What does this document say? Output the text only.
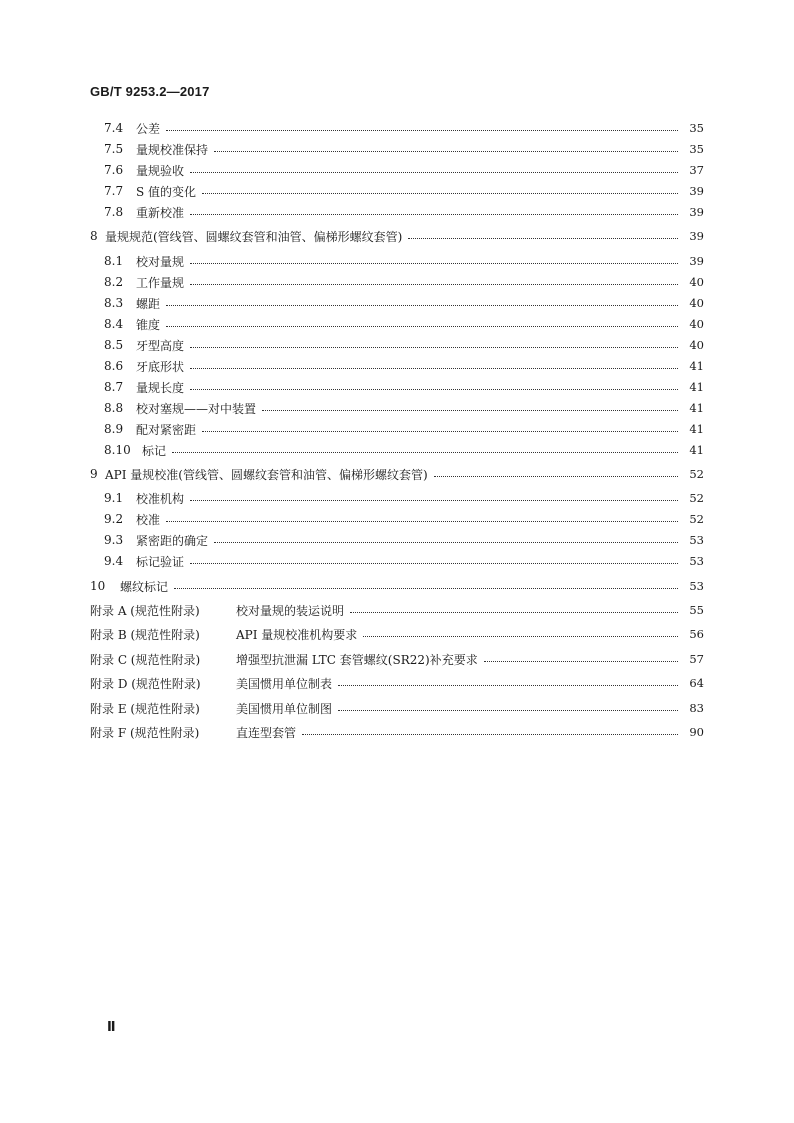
GB/T 9253.2—2017
7.4	公差	35
7.5	量规校准保持	35
7.6	量规验收	37
7.7	S 值的变化	39
7.8	重新校准	39
8 量规规范(管线管、圆螺纹套管和油管、偏梯形螺纹套管)	39
8.1	校对量规	39
8.2	工作量规	40
8.3	螺距	40
8.4	锥度	40
8.5	牙型高度	40
8.6	牙底形状	41
8.7	量规长度	41
8.8	校对塞规——对中装置	41
8.9	配对紧密距	41
8.10 标记	41
9 API 量规校准(管线管、圆螺纹套管和油管、偏梯形螺纹套管)	52
9.1	校准机构	52
9.2	校准	52
9.3	紧密距的确定	53
9.4	标记验证	53
10	螺纹标记	53
附录 A (规范性附录)	校对量规的装运说明	55
附录 B (规范性附录)	API 量规校准机构要求	56
附录 C (规范性附录)	增强型抗泄漏 LTC 套管螺纹(SR22)补充要求	57
附录 D (规范性附录)	美国惯用单位制表	64
附录 E (规范性附录)	美国惯用单位制图	83
附录 F (规范性附录)	直连型套管	90
Ⅱ
